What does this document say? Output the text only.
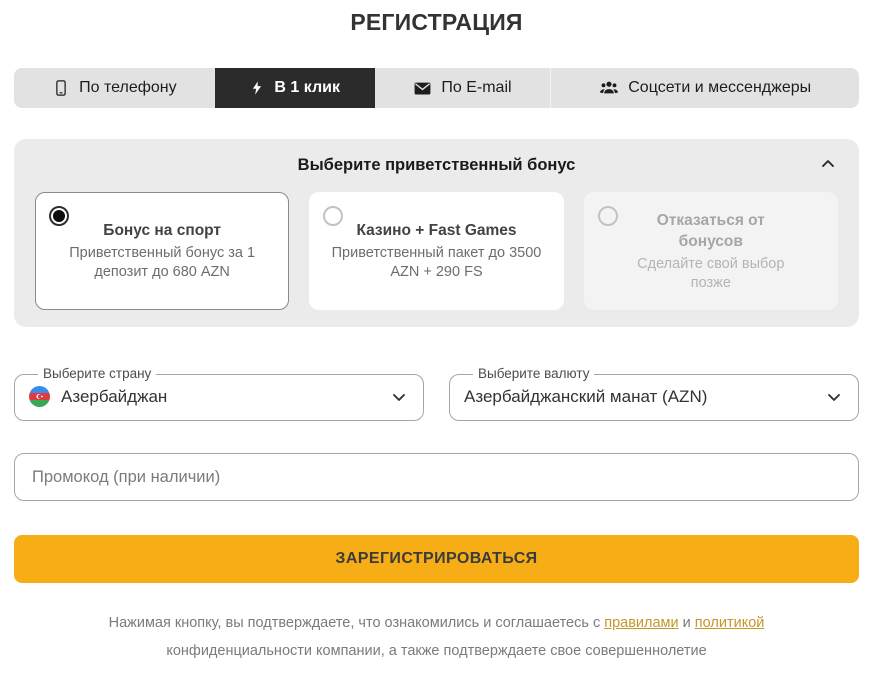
РЕГИСТРАЦИЯ
По телефону	В 1 клик	По E-mail	Соцсети и мессенджеры
Выберите приветственный бонус
Бонус на спорт
Приветственный бонус за 1 депозит до 680 AZN
Казино + Fast Games
Приветственный пакет до 3500 AZN + 290 FS
Отказаться от бонусов
Сделайте свой выбор позже
Выберите страну
Азербайджан
Выберите валюту
Азербайджанский манат (AZN)
Промокод (при наличии)
ЗАРЕГИСТРИРОВАТЬСЯ

Нажимая кнопку, вы подтверждаете, что ознакомились и соглашаетесь с правилами и политикой конфиденциальности компании, а также подтверждаете свое совершеннолетие
